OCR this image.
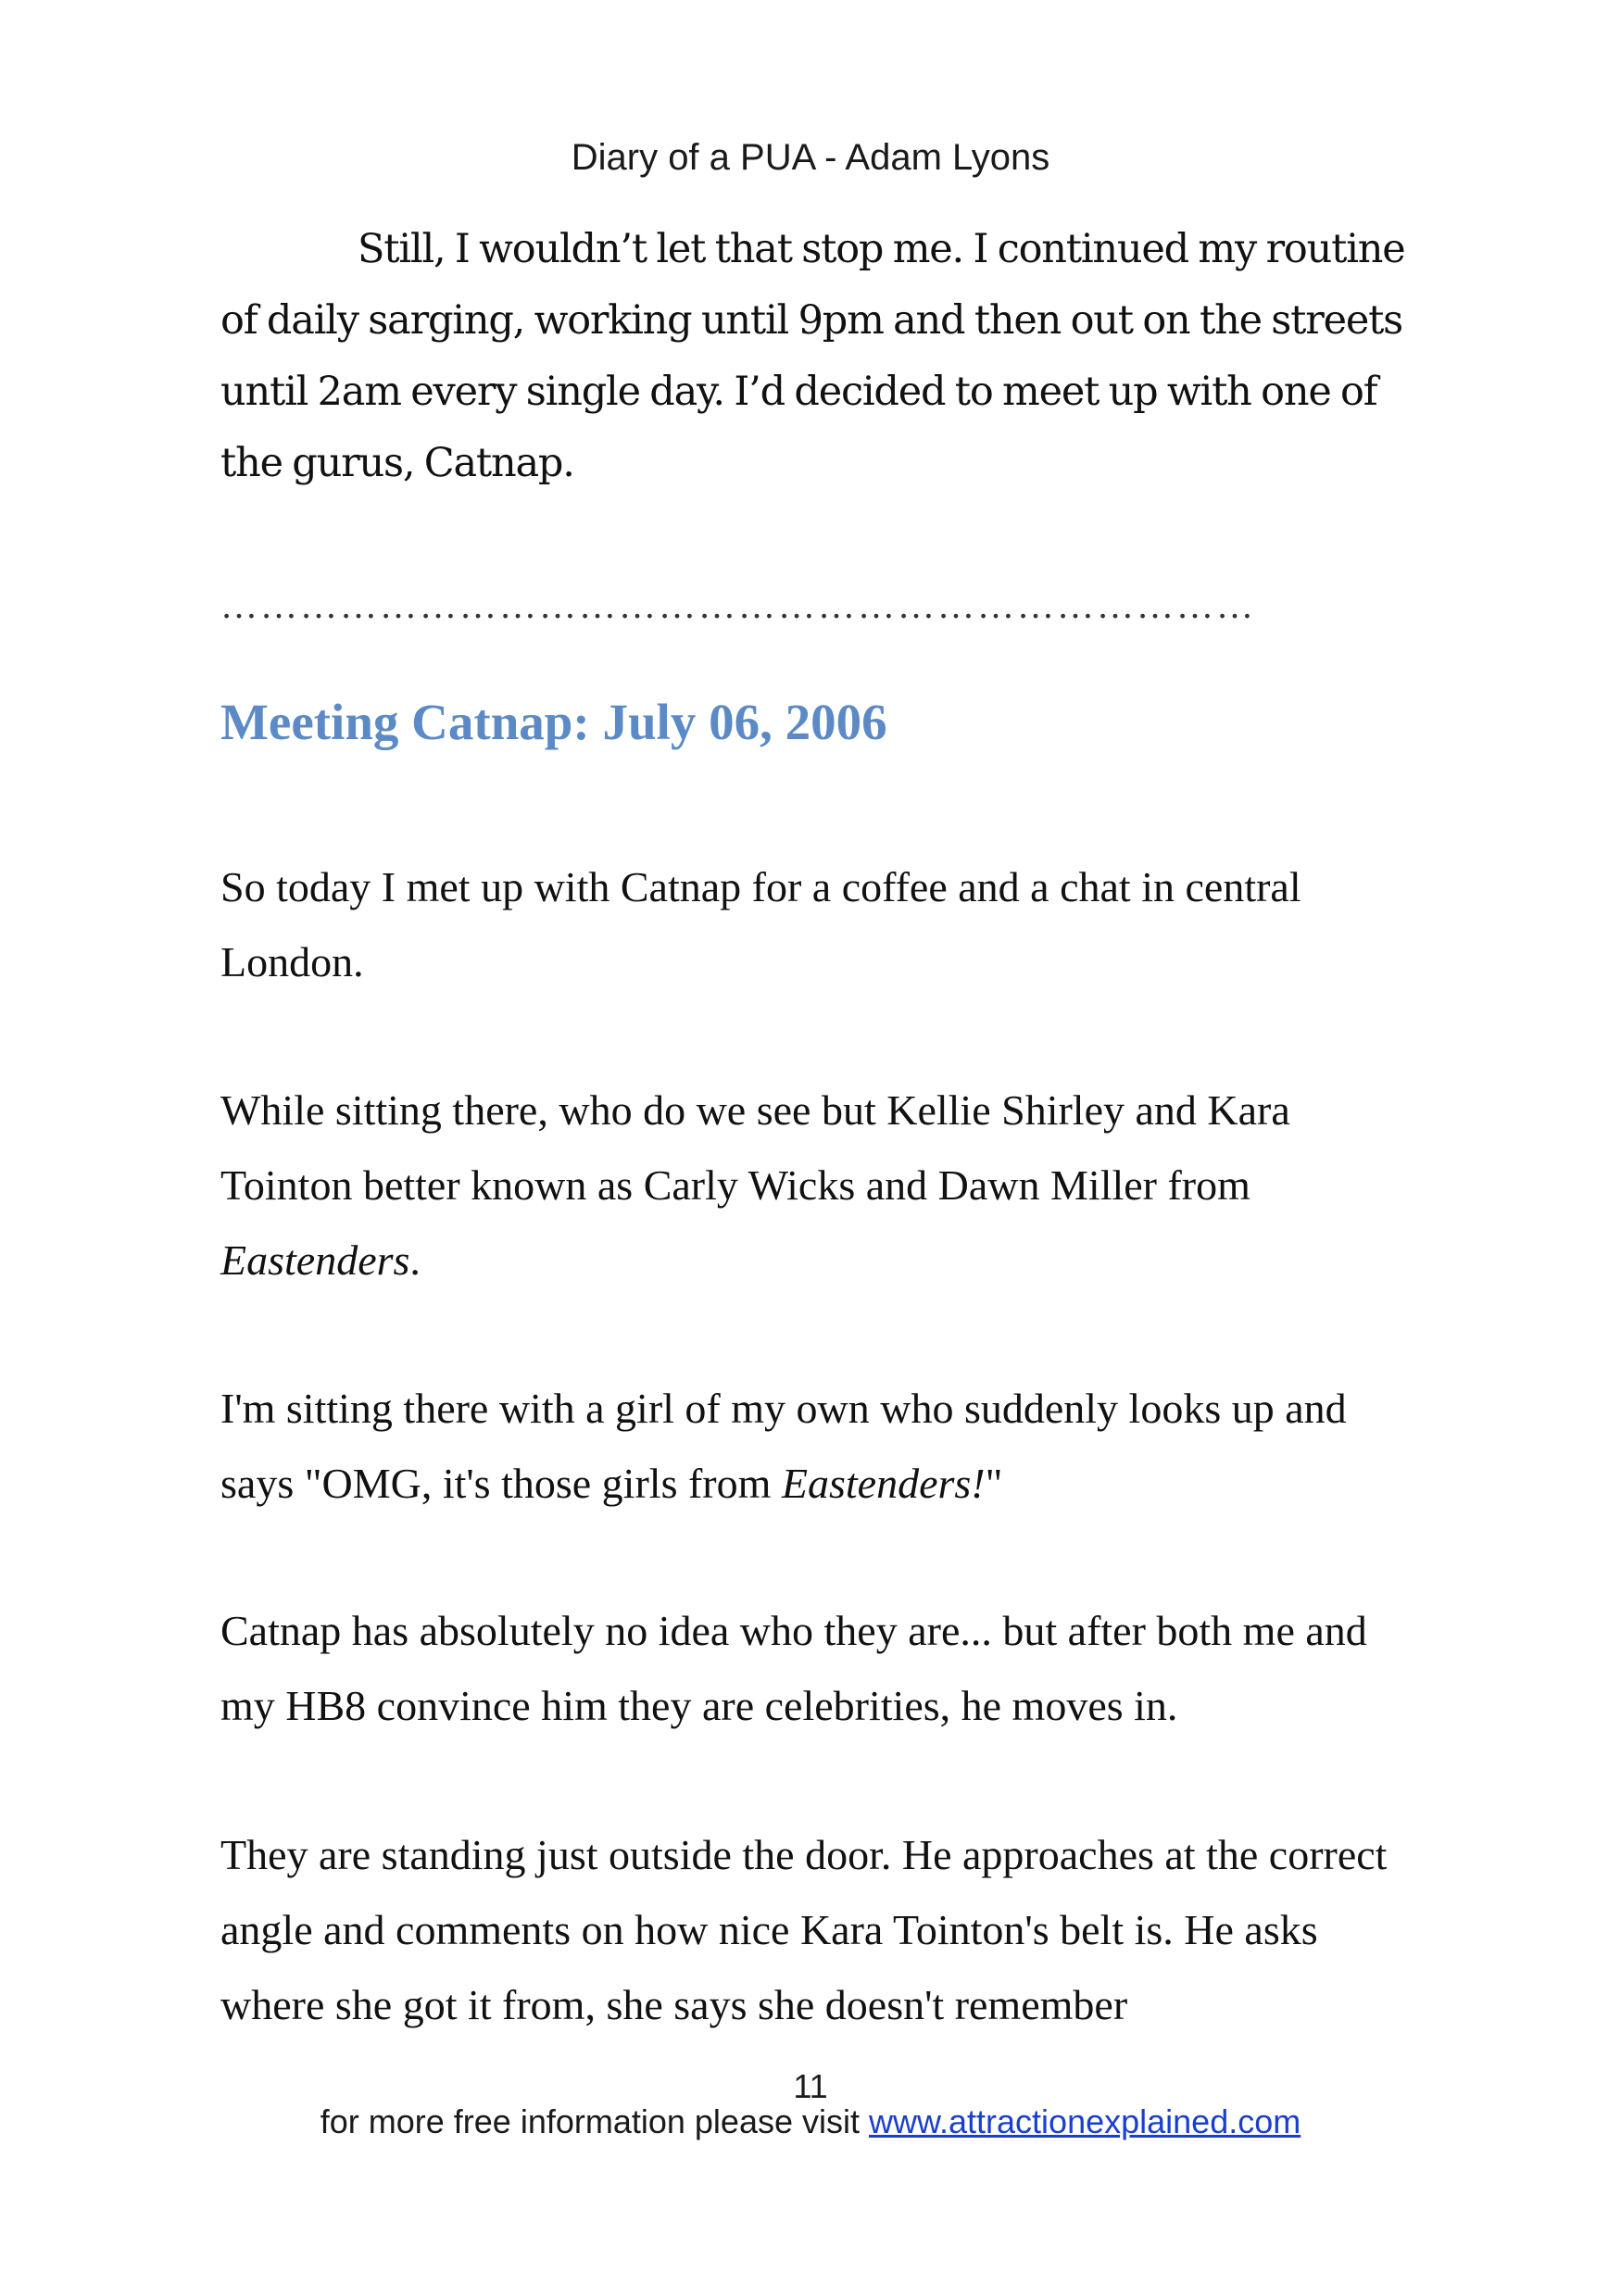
Diary of a PUA - Adam Lyons

Still, I wouldn’t let that stop me. I continued my routine of daily sarging, working until 9pm and then out on the streets until 2am every single day. I’d decided to meet up with one of the gurus, Catnap.

……………………………………………………………………
Meeting Catnap: July 06, 2006

So today I met up with Catnap for a coffee and a chat in central London.

While sitting there, who do we see but Kellie Shirley and Kara Tointon better known as Carly Wicks and Dawn Miller from Eastenders.

I'm sitting there with a girl of my own who suddenly looks up and says "OMG, it's those girls from Eastenders!"

Catnap has absolutely no idea who they are... but after both me and my HB8 convince him they are celebrities, he moves in.

They are standing just outside the door. He approaches at the correct angle and comments on how nice Kara Tointon's belt is. He asks where she got it from, she says she doesn't remember

11
for more free information please visit www.attractionexplained.com
